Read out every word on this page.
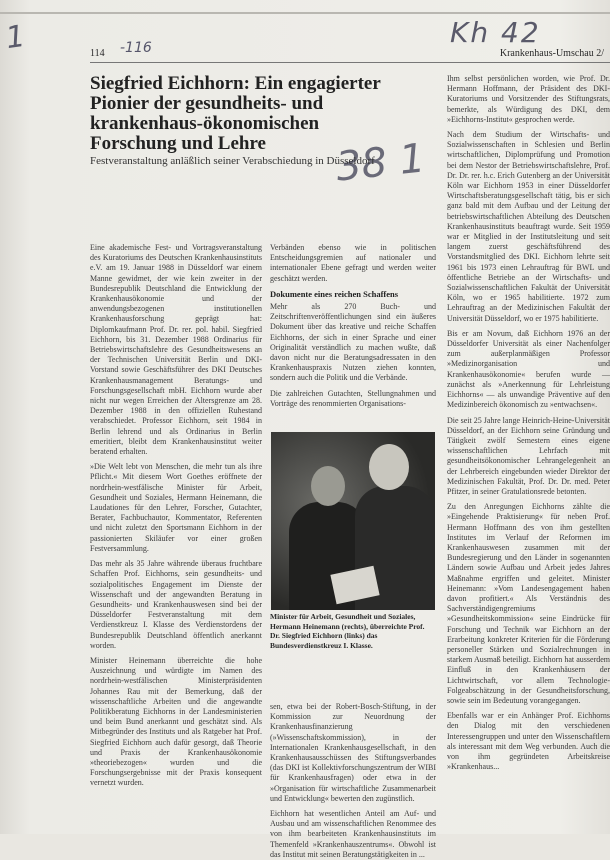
1	Kh 42
38 1
114 -116	Krankenhaus-Umschau 2/
Siegfried Eichhorn: Ein engagierter Pionier der gesundheits- und krankenhaus-ökonomischen Forschung und Lehre
Festveranstaltung anläßlich seiner Verabschiedung in Düsseldorf

Eine akademische Fest- und Vortragsveranstaltung des Kuratoriums des Deutschen Krankenhausinstituts e.V. am 19. Januar 1988 in Düsseldorf war einem Manne gewidmet, der wie kein zweiter in der Bundesrepublik Deutschland die Entwicklung der Krankenhausökonomie und der anwendungsbezogenen institutionellen Krankenhausforschung geprägt hat: Diplomkaufmann Prof. Dr. rer. pol. habil. Siegfried Eichhorn, bis 31. Dezember 1988 Ordinarius für Betriebswirtschaftslehre des Gesundheitswesens an der Technischen Universität Berlin und DKI-Vorstand sowie Geschäftsführer des DKI Deutsches Krankenhausmanagement Beratungs- und Forschungsgesellschaft mbH. Eichhorn wurde aber nicht nur wegen Erreichen der Altersgrenze am 28. Dezember 1988 in den offiziellen Ruhestand verabschiedet. Professor Eichhorn, seit 1984 in Berlin lehrend und als Ordinarius in Berlin emeritiert, bleibt dem Krankenhausinstitut weiter beratend erhalten.

»Die Welt lebt von Menschen, die mehr tun als ihre Pflicht.« Mit diesem Wort Goethes eröffnete der nordrhein-westfälische Minister für Arbeit, Gesundheit und Soziales, Hermann Heinemann, die Laudationes für den Lehrer, Forscher, Gutachter, Berater, Fachbuchautor, Kommentator, Referenten und nicht zuletzt den Sportsmann Eichhorn in der passionierten Skiläufer vor einer großen Festversammlung.

Das mehr als 35 Jahre währende überaus fruchtbare Schaffen Prof. Eichhorns, sein gesundheits- und sozialpolitisches Engagement im Dienste der Wissenschaft und der angewandten Beratung in Gesundheits- und Krankenhauswesen sind bei der Düsseldorfer Festveranstaltung mit dem Verdienstkreuz I. Klasse des Verdienstordens der Bundesrepublik Deutschland öffentlich anerkannt worden.

Minister Heinemann überreichte die hohe Auszeichnung und würdigte im Namen des nordrhein-westfälischen Ministerpräsidenten Johannes Rau mit der Bemerkung, daß der wissenschaftliche Arbeiten und die angewandte Politikberatung Eichhorns in der Landesministerien und beim Bund anerkannt und geschätzt sind. Als Mitbegründer des Instituts und als Ratgeber hat Prof. Siegfried Eichhorn auch dafür gesorgt, daß Theorie und Praxis der Krankenhausökonomie »theoriebezogen« wurden und die Forschungsergebnisse mit der Praxis konsequent vernetzt wurden.

Verbänden ebenso wie in politischen Entscheidungsgremien auf nationaler und internationaler Ebene gefragt und werden weiter geschätzt werden.

Dokumente eines reichen Schaffens

Mehr als 270 Buch- und Zeitschriftenveröffentlichungen sind ein äußeres Dokument über das kreative und reiche Schaffen Eichhorns, der sich in einer Sprache und einer Originalität verständlich zu machen wußte, daß davon nicht nur die Beratungsadressaten in den Krankenhauspraxis Nutzen ziehen konnten, sondern auch die Politik und die Verbände.

Die zahlreichen Gutachten, Stellungnahmen und Vorträge des renommierten Organisations-

Minister für Arbeit, Gesundheit und Soziales, Hermann Heinemann (rechts), überreichte Prof. Dr. Siegfried Eichhorn (links) das Bundesverdienstkreuz I. Klasse.

sen, etwa bei der Robert-Bosch-Stiftung, in der Kommission zur Neuordnung der Krankenhausfinanzierung (»Wissenschaftskommission), in der Internationalen Krankenhausgesellschaft, in den Krankenhausausschüssen des Stiftungsverbandes (das DKI ist Kollektivforschungszentrum der WIBI für Krankenhausfragen) oder etwa in der »Organisation für wirtschaftliche Zusammenarbeit und Entwicklung« bewerten den zugünstlich.

Eichhorn hat wesentlichen Anteil am Auf- und Ausbau und am wissenschaftlichen Renommee des von ihm bearbeiteten Krankenhausinstituts im Themenfeld »Krankenhauszentrums«. Obwohl ist das Institut mit seinen Beratungstätigkeiten in ...

Ihm selbst persönlichen worden, wie Prof. Dr. Hermann Hoffmann, der Präsident des DKI-Kuratoriums und Vorsitzender des Stiftungsrats, bemerkte, als Würdigung des DKI, dem »Eichhorns-Institut« gesprochen werde.

Nach dem Studium der Wirtschafts- und Sozialwissenschaften in Schlesien und Berlin wirtschaftlichen, Diplomprüfung und Promotion bei dem Nestor der Betriebswirtschaftslehre, Prof. Dr. Dr. rer. h.c. Erich Gutenberg an der Universität Köln war Eichhorn 1953 in einer Düsseldorfer Wirtschaftsberatungsgesellschaft tätig, bis er sich ganz bald mit dem Aufbau und der Leitung der betriebswirtschaftlichen Abteilung des Deutschen Krankenhausinstituts beauftragt wurde. Seit 1959 war er Mitglied in der Institutsleitung und seit langem zuerst geschäftsführend des Vorstandsmitglied des DKI. Eichhorn lehrte seit 1961 bis 1973 einen Lehrauftrag für BWL und öffentliche Betriebe an der Wirtschafts- und Sozialwissenschaftlichen Fakultät der Universität Köln, wo er 1965 habilitierte. 1972 zum Lehrauftrag an der Medizinischen Fakultät der Universität Düsseldorf, wo er 1975 habilitierte.

Bis er am Novum, daß Eichhorn 1976 an der Düsseldorfer Universität als einer Nachenfolger zum außerplanmäßigen Professor »Medizinorganisation und Krankenhausökonomie« berufen wurde — zunächst als »Anerkennung für Lehrleistung Eichhorns« — als unwandige Präventive auf den Medizinbereich ökonomisch zu »entwachsen«.

Die seit 25 Jahre lange Heinrich-Heine-Universität Düsseldorf, an der Eichhorn seine Gründung und Tätigkeit zwölf Semestern eines eigene wissenschaftlichen Lehrfach mit gesundheitsökonomischer Lehrangelegenheit an der Lehrbereich eingebunden wieder Direktor der Medizinischen Fakultät, Prof. Dr. Dr. med. Peter Pfitzer, in seiner Gratulationsrede betonten.

Zu den Anregungen Eichhorns zählte die »Eingehende Praktisierung« für neben Prof. Hermann Hoffmann des von ihm gestellten Institutes im Verlauf der Reformen im Krankenhauswesen zusammen mit der Bundesregierung und den Länder in sogenannten Ländern sowie Aufbau und Arbeit jedes Jahres Maßnahme ergriffen und geleitet. Minister Heinemann: »Vom Landesengagement haben davon profitiert.« Als Verständnis des Sachverständigengremiums »Gesundheitskommission« seine Eindrücke für Forschung und Technik war Eichhorn an der Erarbeitung konkreter Kriterien für die Förderung personeller Stärken und Sozialrechnungen in starkem Ausmaß beteiligt. Eichhorn hat ausserdem Einfluß in den Krankenhäusern der Lichtwirtschaft, vor allem Technologie-Folgeabschätzung in der Gesundheitsforschung, sowie sein im Bedeutung vorangegangen.

Ebenfalls war er ein Anhänger Prof. Eichhorns den Dialog mit den verschiedenen Interessengruppen und unter den Wissenschaftlern als interessant mit dem Weg verbunden. Auch die von ihm gegründeten Arbeitskreise »Krankenhaus...
